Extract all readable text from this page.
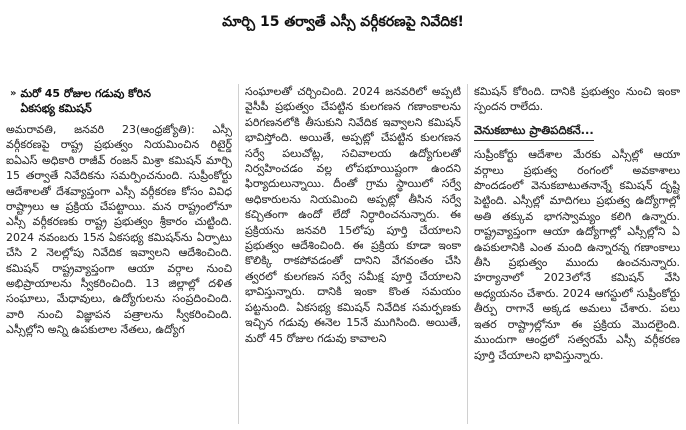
మార్చి 15 తర్వాతే ఎస్సీ వర్గీకరణపై నివేదిక!
» మరో 45 రోజుల గడువు కోరిన
ఏకసభ్య కమిషన్

అమరావతి, జనవరి 23(ఆంధ్రజ్యోతి): ఎస్సీ వర్గీకరణపై రాష్ట్ర ప్రభుత్వం నియమించిన రిటైర్డ్ ఐఏఎస్ అధికారి రాజీవ్ రంజన్ మిశ్రా కమిషన్ మార్చి 15 తర్వాతే నివేదికను సమర్పించనుంది. సుప్రీంకోర్టు ఆదేశాలతో దేశవ్యాప్తంగా ఎస్సీ వర్గీకరణ కోసం వివిధ రాష్ట్రాలు ఆ ప్రక్రియ చేపట్టాయి. మన రాష్ట్రంలోనూ ఎస్సీ వర్గీకరణకు రాష్ట్ర ప్రభుత్వం శ్రీకారం చుట్టింది. 2024 నవంబరు 15న ఏకసభ్య కమిషన్‌ను ఏర్పాటు చేసి 2 నెలల్లోపు నివేదిక ఇవ్వాలని ఆదేశించింది. కమిషన్ రాష్ట్రవ్యాప్తంగా ఆయా వర్గాల నుంచి అభిప్రాయాలను స్వీకరించింది. 13 జిల్లాల్లో దళిత సంఘాలు, మేధావులు, ఉద్యోగులను సంప్రదించింది. వారి నుంచి విజ్ఞాపన పత్రాలను స్వీకరించింది. ఎస్సీల్లోని అన్ని ఉపకులాల నేతలు, ఉద్యోగ

సంఘాలతో చర్చించింది. 2024 జనవరిలో అప్పటి వైసీపీ ప్రభుత్వం చేపట్టిన కులగణన గణాంకాలను పరిగణనలోకి తీసుకుని నివేదిక ఇవ్వాలని కమిషన్ భావిస్తోంది. అయితే, అప్పట్లో చేపట్టిన కులగణన సర్వే పలుచోట్ల, సచివాలయ ఉద్యోగులతో నిర్వహించడం వల్ల లోపభూయిష్టంగా ఉందని ఫిర్యాదులున్నాయి. దీంతో గ్రామ స్థాయిలో సర్వే అధికారులను నియమించి అప్పట్లో తీసిన సర్వే కచ్చితంగా ఉందో లేదో నిర్ధారించనున్నారు. ఈ ప్రక్రియను జనవరి 15లోపు పూర్తి చేయాలని ప్రభుత్వం ఆదేశించింది. ఈ ప్రక్రియ కూడా ఇంకా కొలిక్కి రాకపోవడంతో దానిని వేగవంతం చేసి త్వరలో కులగణన సర్వే సమీక్ష పూర్తి చేయాలని భావిస్తున్నారు. దానికి ఇంకా కొంత సమయం పట్టనుంది. ఏకసభ్య కమిషన్ నివేదిక సమర్పణకు ఇచ్చిన గడువు ఈనెల 15నే ముగిసింది. అయితే, మరో 45 రోజుల గడువు కావాలని

కమిషన్ కోరింది. దానికి ప్రభుత్వం నుంచి ఇంకా స్పందన రాలేదు.

వెనుకబాటు ప్రాతిపదికనే...

సుప్రీంకోర్టు ఆదేశాల మేరకు ఎస్సీల్లో ఆయా వర్గాలు ప్రభుత్వ రంగంలో అవకాశాలు పొందడంలో వెనుకబాటుతనాన్నే కమిషన్ దృష్టి పెట్టింది. ఎస్సీల్లో మాదిగలు ప్రభుత్వ ఉద్యోగాల్లో అతి తక్కువ భాగస్వామ్యం కలిగి ఉన్నారు. రాష్ట్రవ్యాప్తంగా ఆయా ఉద్యోగాల్లో ఎస్సీల్లోని ఏ ఉపకులానికి ఎంత మంది ఉన్నారన్న గణాంకాలు తీసి ప్రభుత్వం ముందు ఉంచనున్నారు. హర్యానాలో 2023లోనే కమిషన్ వేసి అధ్యయనం చేశారు. 2024 ఆగస్టులో సుప్రీంకోర్టు తీర్పు రాగానే అక్కడ అమలు చేశారు. పలు ఇతర రాష్ట్రాల్లోనూ ఈ ప్రక్రియ మొదలైంది. ముందుగా ఆంధ్రలో సత్వరమే ఎస్సీ వర్గీకరణ పూర్తి చేయాలని భావిస్తున్నారు.
